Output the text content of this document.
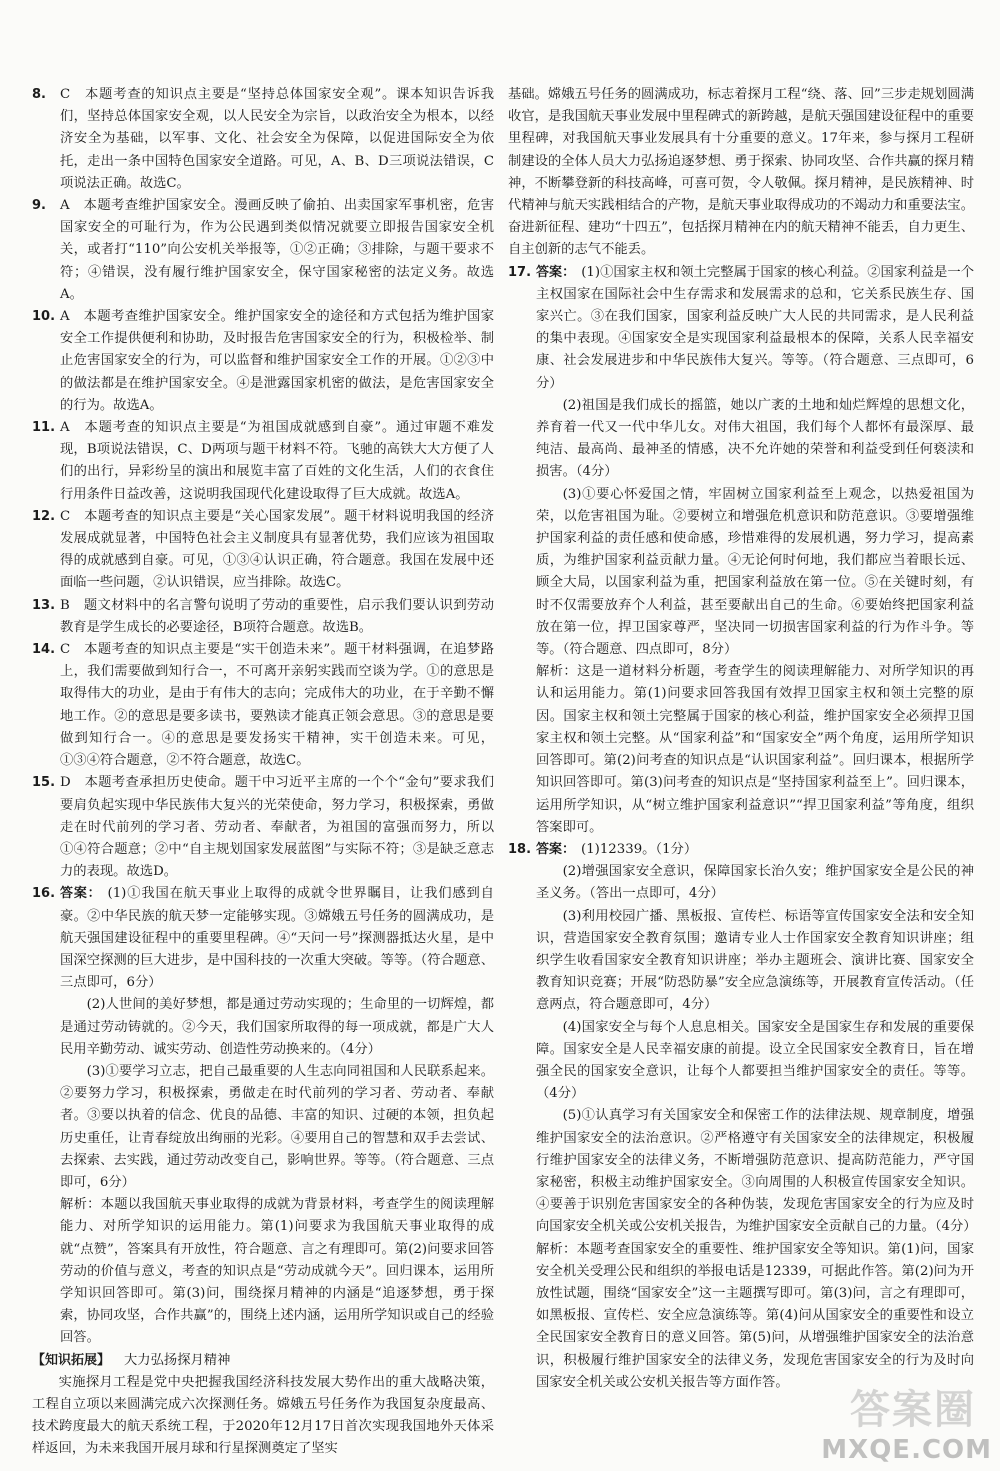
8. C　本题考查的知识点主要是“坚持总体国家安全观”。课本知识告诉我们，坚持总体国家安全观，以人民安全为宗旨，以政治安全为根本，以经济安全为基础，以军事、文化、社会安全为保障，以促进国际安全为依托，走出一条中国特色国家安全道路。可见，A、B、D三项说法错误，C项说法正确。故选C。

9. A　本题考查维护国家安全。漫画反映了偷拍、出卖国家军事机密，危害国家安全的可耻行为，作为公民遇到类似情况就要立即报告国家安全机关，或者打“110”向公安机关举报等，①②正确；③排除，与题干要求不符；④错误，没有履行维护国家安全，保守国家秘密的法定义务。故选A。

10. A　本题考查维护国家安全。维护国家安全的途径和方式包括为维护国家安全工作提供便利和协助，及时报告危害国家安全的行为，积极检举、制止危害国家安全的行为，可以监督和维护国家安全工作的开展。①②③中的做法都是在维护国家安全。④是泄露国家机密的做法，是危害国家安全的行为。故选A。

11. A　本题考查的知识点主要是“为祖国成就感到自豪”。通过审题不难发现，B项说法错误，C、D两项与题干材料不符。飞驰的高铁大大方便了人们的出行，异彩纷呈的演出和展览丰富了百姓的文化生活，人们的衣食住行用条件日益改善，这说明我国现代化建设取得了巨大成就。故选A。

12. C　本题考查的知识点主要是“关心国家发展”。题干材料说明我国的经济发展成就显著，中国特色社会主义制度具有显著优势，我们应该为祖国取得的成就感到自豪。可见，①③④认识正确，符合题意。我国在发展中还面临一些问题，②认识错误，应当排除。故选C。

13. B　题文材料中的名言警句说明了劳动的重要性，启示我们要认识到劳动教育是学生成长的必要途径，B项符合题意。故选B。

14. C　本题考查的知识点主要是“实干创造未来”。题干材料强调，在追梦路上，我们需要做到知行合一，不可离开亲躬实践而空谈为学。①的意思是取得伟大的功业，是由于有伟大的志向；完成伟大的功业，在于辛勤不懈地工作。②的意思是要多读书，要熟读才能真正领会意思。③的意思是要做到知行合一。④的意思是要发扬实干精神，实干创造未来。可见，①③④符合题意，②不符合题意，故选C。

15. D　本题考查承担历史使命。题干中习近平主席的一个个“金句”要求我们要肩负起实现中华民族伟大复兴的光荣使命，努力学习，积极探索，勇做走在时代前列的学习者、劳动者、奉献者，为祖国的富强而努力，所以①④符合题意；②中“自主规划国家发展蓝图”与实际不符；③是缺乏意志力的表现。故选D。

16. 答案： (1)①我国在航天事业上取得的成就令世界瞩目，让我们感到自豪。②中华民族的航天梦一定能够实现。③嫦娥五号任务的圆满成功，是航天强国建设征程中的重要里程碑。④“天问一号”探测器抵达火星，是中国深空探测的巨大进步，是中国科技的一次重大突破。等等。（符合题意、三点即可，6分）

(2)人世间的美好梦想，都是通过劳动实现的；生命里的一切辉煌，都是通过劳动铸就的。②今天，我们国家所取得的每一项成就，都是广大人民用辛勤劳动、诚实劳动、创造性劳动换来的。（4分）

(3)①要学习立志，把自己最重要的人生志向同祖国和人民联系起来。②要努力学习，积极探索，勇做走在时代前列的学习者、劳动者、奉献者。③要以执着的信念、优良的品德、丰富的知识、过硬的本领，担负起历史重任，让青春绽放出绚丽的光彩。④要用自己的智慧和双手去尝试、去探索、去实践，通过劳动改变自己，影响世界。等等。（符合题意、三点即可，6分）

解析：本题以我国航天事业取得的成就为背景材料，考查学生的阅读理解能力、对所学知识的运用能力。第(1)问要求为我国航天事业取得的成就“点赞”，答案具有开放性，符合题意、言之有理即可。第(2)问要求回答劳动的价值与意义，考查的知识点是“劳动成就今天”。回归课本，运用所学知识回答即可。第(3)问，围绕探月精神的内涵是“追逐梦想，勇于探索，协同攻坚，合作共赢”的，围绕上述内涵，运用所学知识或自己的经验回答。

【知识拓展】 大力弘扬探月精神

实施探月工程是党中央把握我国经济科技发展大势作出的重大战略决策，工程自立项以来圆满完成六次探测任务。嫦娥五号任务作为我国复杂度最高、技术跨度最大的航天系统工程，于2020年12月17日首次实现我国地外天体采样返回，为未来我国开展月球和行星探测奠定了坚实

基础。嫦娥五号任务的圆满成功，标志着探月工程“绕、落、回”三步走规划圆满收官，是我国航天事业发展中里程碑式的新跨越，是航天强国建设征程中的重要里程碑，对我国航天事业发展具有十分重要的意义。17年来，参与探月工程研制建设的全体人员大力弘扬追逐梦想、勇于探索、协同攻坚、合作共赢的探月精神，不断攀登新的科技高峰，可喜可贺，令人敬佩。探月精神，是民族精神、时代精神与航天实践相结合的产物，是航天事业取得成功的不竭动力和重要法宝。奋进新征程、建功“十四五”，包括探月精神在内的航天精神不能丢，自力更生、自主创新的志气不能丢。

17. 答案： (1)①国家主权和领土完整属于国家的核心利益。②国家利益是一个主权国家在国际社会中生存需求和发展需求的总和，它关系民族生存、国家兴亡。③在我们国家，国家利益反映广大人民的共同需求，是人民利益的集中表现。④国家安全是实现国家利益最根本的保障，关系人民幸福安康、社会发展进步和中华民族伟大复兴。等等。（符合题意、三点即可，6分）

(2)祖国是我们成长的摇篮，她以广袤的土地和灿烂辉煌的思想文化，养育着一代又一代中华儿女。对伟大祖国，我们每个人都怀有最深厚、最纯洁、最高尚、最神圣的情感，决不允许她的荣誉和利益受到任何亵渎和损害。（4分）

(3)①要心怀爱国之情，牢固树立国家利益至上观念，以热爱祖国为荣，以危害祖国为耻。②要树立和增强危机意识和防范意识。③要增强维护国家利益的责任感和使命感，珍惜难得的发展机遇，努力学习，提高素质，为维护国家利益贡献力量。④无论何时何地，我们都应当着眼长远、顾全大局，以国家利益为重，把国家利益放在第一位。⑤在关键时刻，有时不仅需要放弃个人利益，甚至要献出自己的生命。⑥要始终把国家利益放在第一位，捍卫国家尊严，坚决同一切损害国家利益的行为作斗争。等等。（符合题意、四点即可，8分）

解析：这是一道材料分析题，考查学生的阅读理解能力、对所学知识的再认和运用能力。第(1)问要求回答我国有效捍卫国家主权和领土完整的原因。国家主权和领土完整属于国家的核心利益，维护国家安全必须捍卫国家主权和领土完整。从“国家利益”和“国家安全”两个角度，运用所学知识回答即可。第(2)问考查的知识点是“认识国家利益”。回归课本，根据所学知识回答即可。第(3)问考查的知识点是“坚持国家利益至上”。回归课本，运用所学知识，从“树立维护国家利益意识”“捍卫国家利益”等角度，组织答案即可。

18. 答案： (1)12339。（1分）

(2)增强国家安全意识，保障国家长治久安；维护国家安全是公民的神圣义务。（答出一点即可，4分）

(3)利用校园广播、黑板报、宣传栏、标语等宣传国家安全法和安全知识，营造国家安全教育氛围；邀请专业人士作国家安全教育知识讲座；组织学生收看国家安全教育知识讲座；举办主题班会、演讲比赛、国家安全教育知识竞赛；开展“防恐防暴”安全应急演练等，开展教育宣传活动。（任意两点，符合题意即可，4分）

(4)国家安全与每个人息息相关。国家安全是国家生存和发展的重要保障。国家安全是人民幸福安康的前提。设立全民国家安全教育日，旨在增强全民的国家安全意识，让每个人都要担当维护国家安全的责任。等等。（4分）

(5)①认真学习有关国家安全和保密工作的法律法规、规章制度，增强维护国家安全的法治意识。②严格遵守有关国家安全的法律规定，积极履行维护国家安全的法律义务，不断增强防范意识、提高防范能力，严守国家秘密，积极主动维护国家安全。③向周围的人积极宣传国家安全知识。④要善于识别危害国家安全的各种伪装，发现危害国家安全的行为应及时向国家安全机关或公安机关报告，为维护国家安全贡献自己的力量。（4分）

解析：本题考查国家安全的重要性、维护国家安全等知识。第(1)问，国家安全机关受理公民和组织的举报电话是12339，可据此作答。第(2)问为开放性试题，围绕“国家安全”这一主题撰写即可。第(3)问，言之有理即可，如黑板报、宣传栏、安全应急演练等。第(4)问从国家安全的重要性和设立全民国家安全教育日的意义回答。第(5)问，从增强维护国家安全的法治意识，积极履行维护国家安全的法律义务，发现危害国家安全的行为及时向国家安全机关或公安机关报告等方面作答。

答案圈
MXQE.COM
